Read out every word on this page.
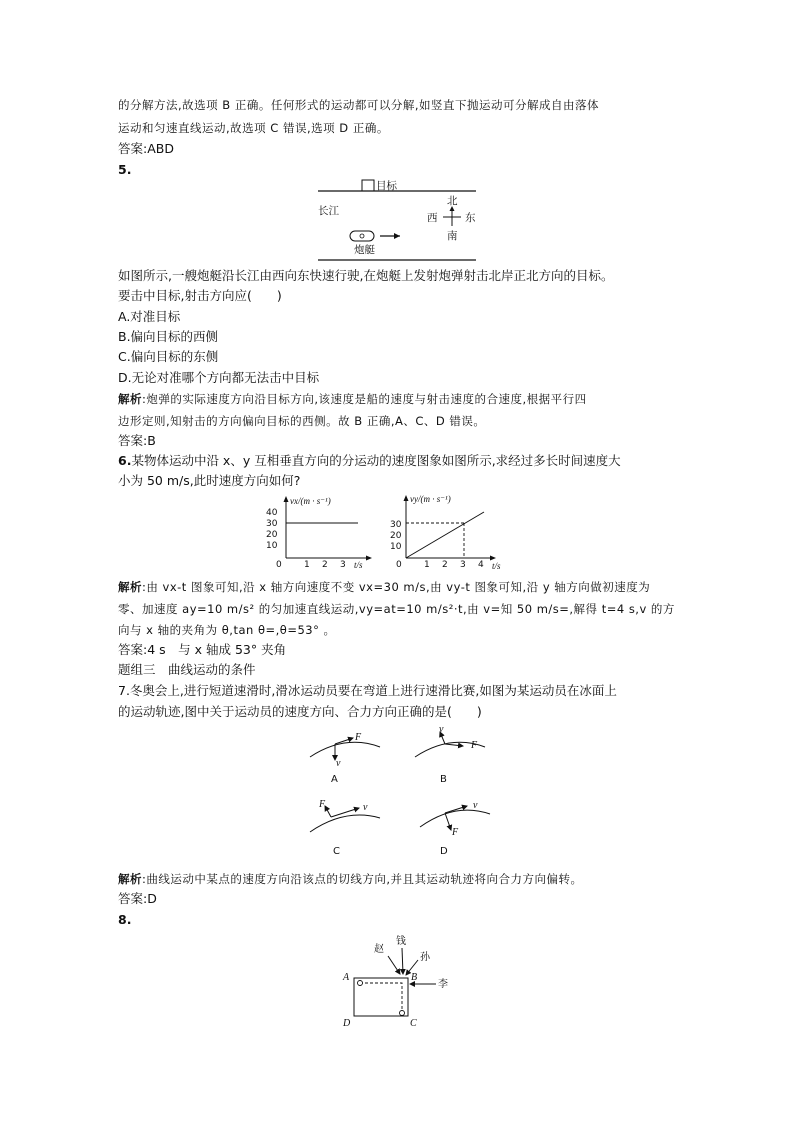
的分解方法,故选项 B 正确。任何形式的运动都可以分解,如竖直下抛运动可分解成自由落体
运动和匀速直线运动,故选项 C 错误,选项 D 正确。
答案:ABD
5.
目标
长江
炮艇
北
西	东
南
如图所示,一艘炮艇沿长江由西向东快速行驶,在炮艇上发射炮弹射击北岸正北方向的目标。
要击中目标,射击方向应(　　)
A.对准目标
B.偏向目标的西侧
C.偏向目标的东侧
D.无论对准哪个方向都无法击中目标
解析:炮弹的实际速度方向沿目标方向,该速度是船的速度与射击速度的合速度,根据平行四
边形定则,知射击的方向偏向目标的西侧。故 B 正确,A、C、D 错误。
答案:B
6.某物体运动中沿 x、y 互相垂直方向的分运动的速度图象如图所示,求经过多长时间速度大
小为 50 m/s,此时速度方向如何?
vx/(m · s⁻¹)
40
30
20
10
0 1 2 3 t/s
vy/(m · s⁻¹)
30
20
10
0 1 2 3 4 t/s
解析:由 vx-t 图象可知,沿 x 轴方向速度不变 vx=30 m/s,由 vy-t 图象可知,沿 y 轴方向做初速度为
零、加速度 ay=10 m/s² 的匀加速直线运动,vy=at=10 m/s²·t,由 v=知 50 m/s=,解得 t=4 s,v 的方
向与 x 轴的夹角为 θ,tan θ=,θ=53° 。
答案:4 s　与 x 轴成 53° 夹角
题组三　曲线运动的条件
7.冬奥会上,进行短道速滑时,滑冰运动员要在弯道上进行速滑比赛,如图为某运动员在冰面上
的运动轨迹,图中关于运动员的速度方向、合力方向正确的是(　　)
F
v
A
v
F
B
F	v
C
v
F
D
解析:曲线运动中某点的速度方向沿该点的切线方向,并且其运动轨迹将向合力方向偏转。
答案:D
8.
赵
钱
孙
李
A	B
C
D
